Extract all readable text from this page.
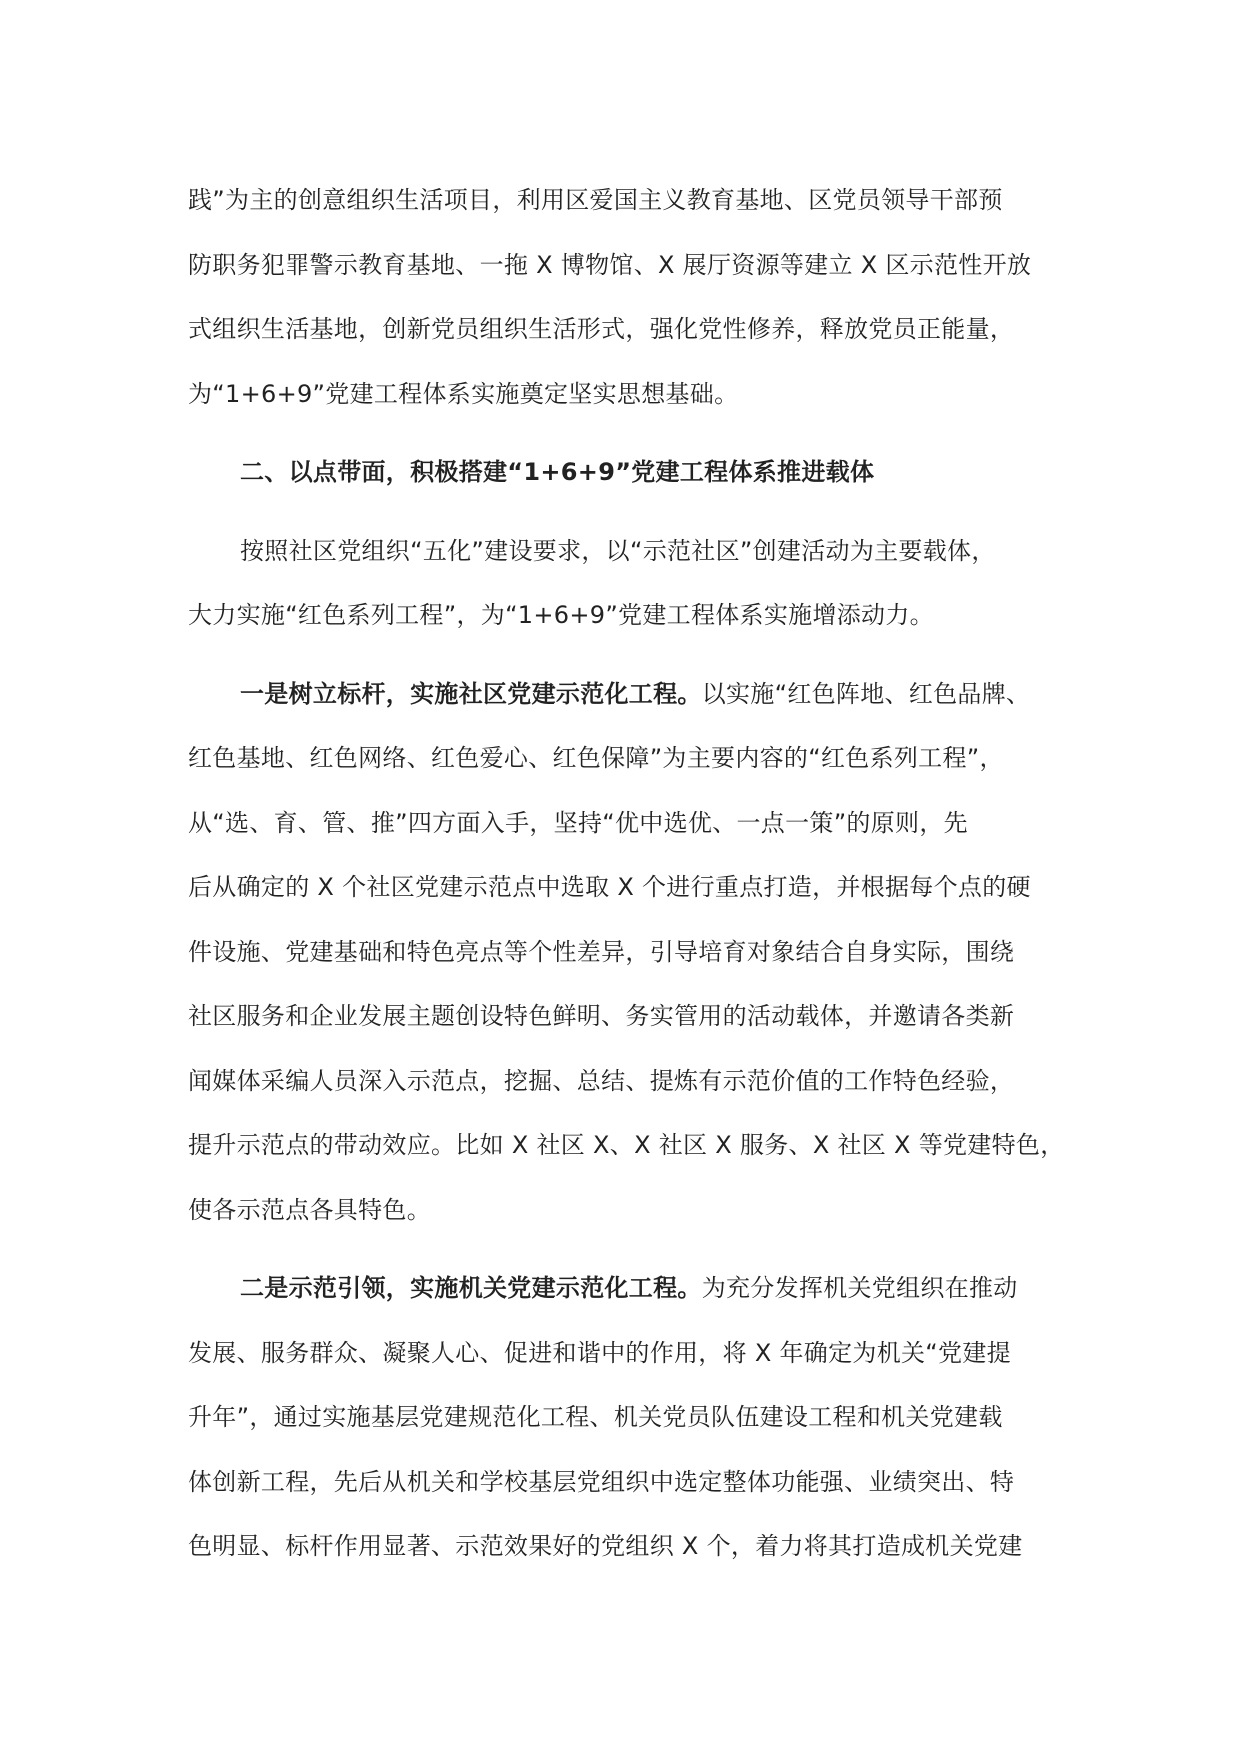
践”为主的创意组织生活项目，利用区爱国主义教育基地、区党员领导干部预
防职务犯罪警示教育基地、一拖 X 博物馆、X 展厅资源等建立 X 区示范性开放
式组织生活基地，创新党员组织生活形式，强化党性修养，释放党员正能量，
为“1+6+9”党建工程体系实施奠定坚实思想基础。
二、以点带面，积极搭建“1+6+9”党建工程体系推进载体
按照社区党组织“五化”建设要求，以“示范社区”创建活动为主要载体，
大力实施“红色系列工程”，为“1+6+9”党建工程体系实施增添动力。
一是树立标杆，实施社区党建示范化工程。以实施“红色阵地、红色品牌、
红色基地、红色网络、红色爱心、红色保障”为主要内容的“红色系列工程”，
从“选、育、管、推”四方面入手，坚持“优中选优、一点一策”的原则，先
后从确定的 X 个社区党建示范点中选取 X 个进行重点打造，并根据每个点的硬
件设施、党建基础和特色亮点等个性差异，引导培育对象结合自身实际，围绕
社区服务和企业发展主题创设特色鲜明、务实管用的活动载体，并邀请各类新
闻媒体采编人员深入示范点，挖掘、总结、提炼有示范价值的工作特色经验，
提升示范点的带动效应。比如 X 社区 X、X 社区 X 服务、X 社区 X 等党建特色，
使各示范点各具特色。
二是示范引领，实施机关党建示范化工程。为充分发挥机关党组织在推动
发展、服务群众、凝聚人心、促进和谐中的作用，将 X 年确定为机关“党建提
升年”，通过实施基层党建规范化工程、机关党员队伍建设工程和机关党建载
体创新工程，先后从机关和学校基层党组织中选定整体功能强、业绩突出、特
色明显、标杆作用显著、示范效果好的党组织 X 个，着力将其打造成机关党建
